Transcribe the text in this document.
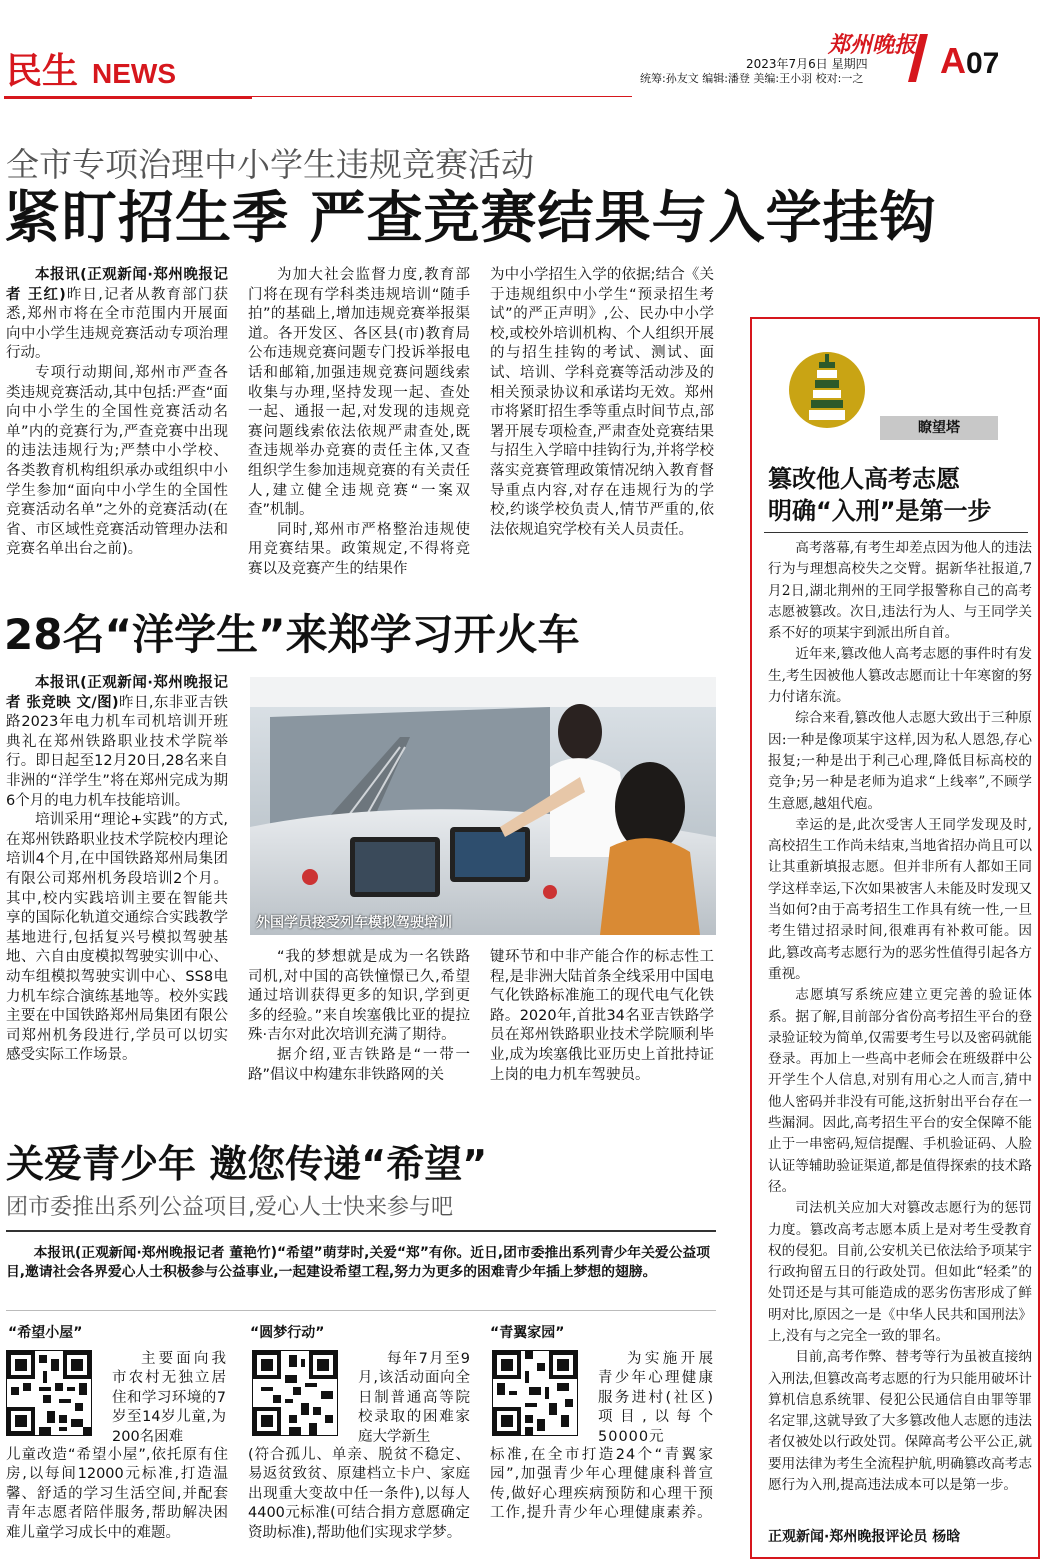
民生 NEWS
郑州晚报
2023年7月6日 星期四
统筹:孙友文 编辑:潘登 美编:王小羽 校对:一之 A07
全市专项治理中小学生违规竞赛活动
紧盯招生季 严查竞赛结果与入学挂钩

本报讯(正观新闻·郑州晚报记者 王红)昨日,记者从教育部门获悉,郑州市将在全市范围内开展面向中小学生违规竞赛活动专项治理行动。

专项行动期间,郑州市严查各类违规竞赛活动,其中包括:严查“面向中小学生的全国性竞赛活动名单”内的竞赛行为,严查竞赛中出现的违法违规行为;严禁中小学校、各类教育机构组织承办或组织中小学生参加“面向中小学生的全国性竞赛活动名单”之外的竞赛活动(在省、市区域性竞赛活动管理办法和竞赛名单出台之前)。

为加大社会监督力度,教育部门将在现有学科类违规培训“随手拍”的基础上,增加违规竞赛举报渠道。各开发区、各区县(市)教育局公布违规竞赛问题专门投诉举报电话和邮箱,加强违规竞赛问题线索收集与办理,坚持发现一起、查处一起、通报一起,对发现的违规竞赛问题线索依法依规严肃查处,既查违规举办竞赛的责任主体,又查组织学生参加违规竞赛的有关责任人,建立健全违规竞赛“一案双查”机制。

同时,郑州市严格整治违规使用竞赛结果。政策规定,不得将竞赛以及竞赛产生的结果作

为中小学招生入学的依据;结合《关于违规组织中小学生“预录招生考试”的严正声明》,公、民办中小学校,或校外培训机构、个人组织开展的与招生挂钩的考试、测试、面试、培训、学科竞赛等活动涉及的相关预录协议和承诺均无效。郑州市将紧盯招生季等重点时间节点,部署开展专项检查,严肃查处竞赛结果与招生入学暗中挂钩行为,并将学校落实竞赛管理政策情况纳入教育督导重点内容,对存在违规行为的学校,约谈学校负责人,情节严重的,依法依规追究学校有关人员责任。

28名“洋学生”来郑学习开火车

本报讯(正观新闻·郑州晚报记者 张竞映 文/图)昨日,东非亚吉铁路2023年电力机车司机培训开班典礼在郑州铁路职业技术学院举行。即日起至12月20日,28名来自非洲的“洋学生”将在郑州完成为期6个月的电力机车技能培训。

培训采用“理论+实践”的方式,在郑州铁路职业技术学院校内理论培训4个月,在中国铁路郑州局集团有限公司郑州机务段培训2个月。其中,校内实践培训主要在智能共享的国际化轨道交通综合实践教学基地进行,包括复兴号模拟驾驶基地、六自由度模拟驾驶实训中心、动车组模拟驾驶实训中心、SS8电力机车综合演练基地等。校外实践主要在中国铁路郑州局集团有限公司郑州机务段进行,学员可以切实感受实际工作场景。

外国学员接受列车模拟驾驶培训

“我的梦想就是成为一名铁路司机,对中国的高铁憧憬已久,希望通过培训获得更多的知识,学到更多的经验。”来自埃塞俄比亚的提拉殊·吉尔对此次培训充满了期待。

据介绍,亚吉铁路是“一带一路”倡议中构建东非铁路网的关

键环节和中非产能合作的标志性工程,是非洲大陆首条全线采用中国电气化铁路标准施工的现代电气化铁路。2020年,首批34名亚吉铁路学员在郑州铁路职业技术学院顺利毕业,成为埃塞俄比亚历史上首批持证上岗的电力机车驾驶员。

关爱青少年 邀您传递“希望”
团市委推出系列公益项目,爱心人士快来参与吧
本报讯(正观新闻·郑州晚报记者 董艳竹)“希望”萌芽时,关爱“郑”有你。近日,团市委推出系列青少年关爱公益项目,邀请社会各界爱心人士积极参与公益事业,一起建设希望工程,努力为更多的困难青少年插上梦想的翅膀。
“希望小屋”
主要面向我市农村无独立居住和学习环境的7岁至14岁儿童,为200名困难
儿童改造“希望小屋”,依托原有住房,以每间12000元标准,打造温馨、舒适的学习生活空间,并配套青年志愿者陪伴服务,帮助解决困难儿童学习成长中的难题。
“圆梦行动”
每年7月至9月,该活动面向全日制普通高等院校录取的困难家庭大学新生
(符合孤儿、单亲、脱贫不稳定、易返贫致贫、原建档立卡户、家庭出现重大变故中任一条件),以每人4400元标准(可结合捐方意愿确定资助标准),帮助他们实现求学梦。
“青翼家园”
为实施开展青少年心理健康服务进村(社区)项目,以每个50000元
标准,在全市打造24个“青翼家园”,加强青少年心理健康科普宣传,做好心理疾病预防和心理干预工作,提升青少年心理健康素养。
瞭望塔
篡改他人高考志愿
明确“入刑”是第一步

高考落幕,有考生却差点因为他人的违法行为与理想高校失之交臂。据新华社报道,7月2日,湖北荆州的王同学报警称自己的高考志愿被篡改。次日,违法行为人、与王同学关系不好的项某宇到派出所自首。

近年来,篡改他人高考志愿的事件时有发生,考生因被他人篡改志愿而让十年寒窗的努力付诸东流。

综合来看,篡改他人志愿大致出于三种原因:一种是像项某宇这样,因为私人恩怨,存心报复;一种是出于利己心理,降低目标高校的竞争;另一种是老师为追求“上线率”,不顾学生意愿,越俎代庖。

幸运的是,此次受害人王同学发现及时,高校招生工作尚未结束,当地省招办尚且可以让其重新填报志愿。但并非所有人都如王同学这样幸运,下次如果被害人未能及时发现又当如何?由于高考招生工作具有统一性,一旦考生错过招录时间,很难再有补救可能。因此,篡改高考志愿行为的恶劣性值得引起各方重视。

志愿填写系统应建立更完善的验证体系。据了解,目前部分省份高考招生平台的登录验证较为简单,仅需要考生号以及密码就能登录。再加上一些高中老师会在班级群中公开学生个人信息,对别有用心之人而言,猜中他人密码并非没有可能,这折射出平台存在一些漏洞。因此,高考招生平台的安全保障不能止于一串密码,短信提醒、手机验证码、人脸认证等辅助验证渠道,都是值得探索的技术路径。

司法机关应加大对篡改志愿行为的惩罚力度。篡改高考志愿本质上是对考生受教育权的侵犯。目前,公安机关已依法给予项某宇行政拘留五日的行政处罚。但如此“轻柔”的处罚还是与其可能造成的恶劣伤害形成了鲜明对比,原因之一是《中华人民共和国刑法》上,没有与之完全一致的罪名。

目前,高考作弊、替考等行为虽被直接纳入刑法,但篡改高考志愿的行为只能用破坏计算机信息系统罪、侵犯公民通信自由罪等罪名定罪,这就导致了大多篡改他人志愿的违法者仅被处以行政处罚。保障高考公平公正,就要用法律为考生全流程护航,明确篡改高考志愿行为入刑,提高违法成本可以是第一步。

正观新闻·郑州晚报评论员 杨晗
